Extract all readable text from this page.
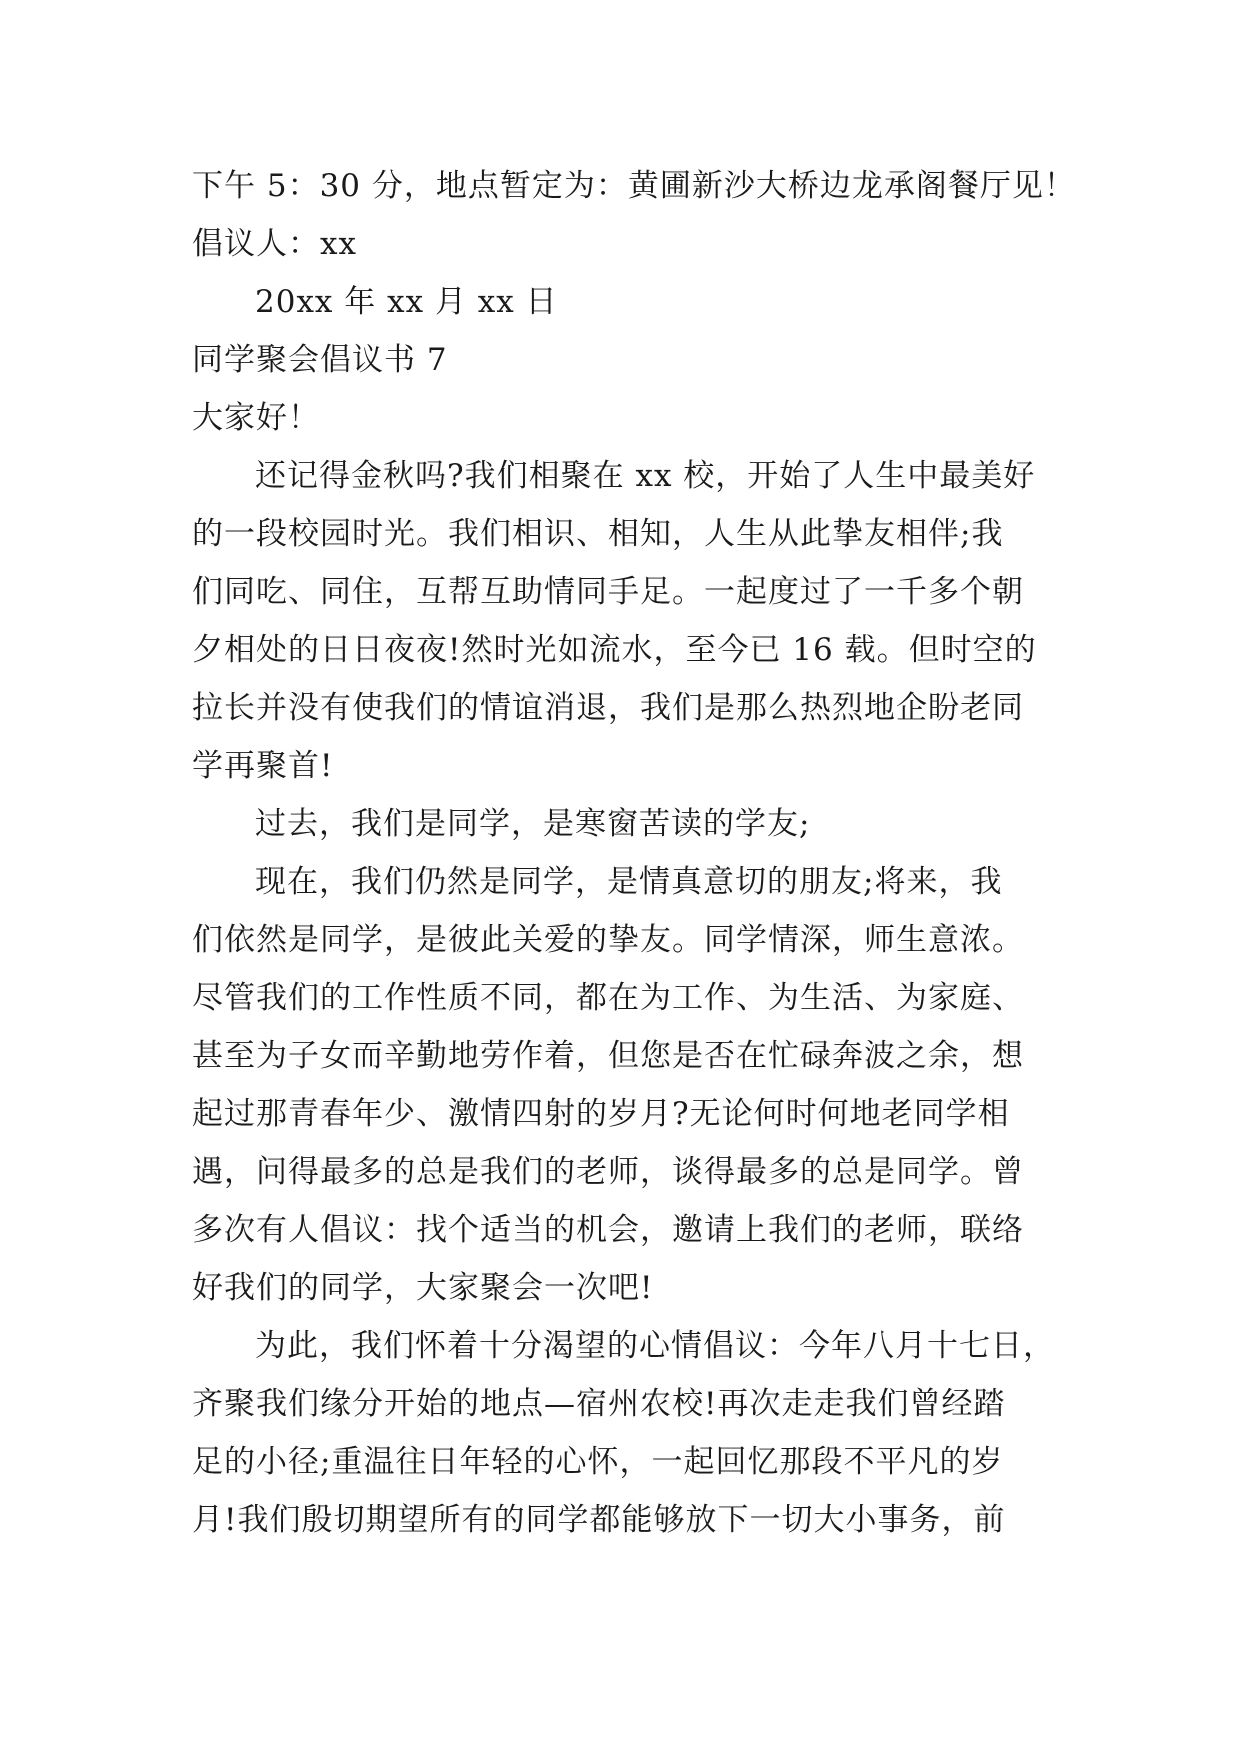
下午 5：30 分，地点暂定为：黄圃新沙大桥边龙承阁餐厅见！
倡议人：xx
20xx 年 xx 月 xx 日
同学聚会倡议书 7
大家好！
还记得金秋吗?我们相聚在 xx 校，开始了人生中最美好
的一段校园时光。我们相识、相知，人生从此挚友相伴;我
们同吃、同住，互帮互助情同手足。一起度过了一千多个朝
夕相处的日日夜夜!然时光如流水，至今已 16 载。但时空的
拉长并没有使我们的情谊消退，我们是那么热烈地企盼老同
学再聚首!
过去，我们是同学，是寒窗苦读的学友;
现在，我们仍然是同学，是情真意切的朋友;将来，我
们依然是同学，是彼此关爱的挚友。同学情深，师生意浓。
尽管我们的工作性质不同，都在为工作、为生活、为家庭、
甚至为子女而辛勤地劳作着，但您是否在忙碌奔波之余，想
起过那青春年少、激情四射的岁月?无论何时何地老同学相
遇，问得最多的总是我们的老师，谈得最多的总是同学。曾
多次有人倡议：找个适当的机会，邀请上我们的老师，联络
好我们的同学，大家聚会一次吧!
为此，我们怀着十分渴望的心情倡议：今年八月十七日，
齐聚我们缘分开始的地点—宿州农校!再次走走我们曾经踏
足的小径;重温往日年轻的心怀，一起回忆那段不平凡的岁
月!我们殷切期望所有的同学都能够放下一切大小事务，前
